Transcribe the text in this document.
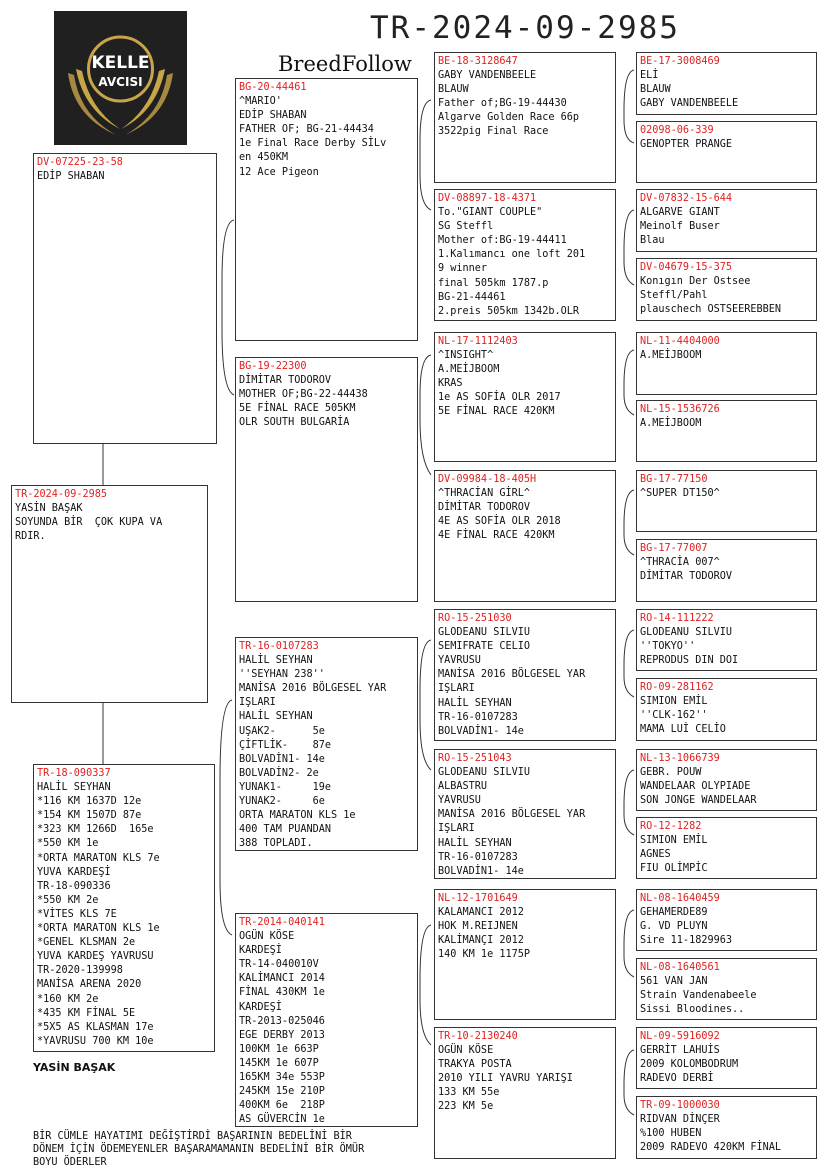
KELLE
AVCISI
TR-2024-09-2985
BreedFollow
DV-07225-23-58
EDİP SHABAN
TR-2024-09-2985
YASİN BAŞAK
SOYUNDA BİR  ÇOK KUPA VA
RDIR.
TR-18-090337
HALİL SEYHAN
*116 KM 1637D 12e
*154 KM 1507D 87e
*323 KM 1266D  165e
*550 KM 1e
*ORTA MARATON KLS 7e
YUVA KARDEŞİ
TR-18-090336
*550 KM 2e
*VİTES KLS 7E
*ORTA MARATON KLS 1e
*GENEL KLSMAN 2e
YUVA KARDEŞ YAVRUSU
TR-2020-139998
MANİSA ARENA 2020
*160 KM 2e
*435 KM FİNAL 5E
*5X5 AS KLASMAN 17e
*YAVRUSU 700 KM 10e
BG-20-44461
^MARIO'
EDİP SHABAN
FATHER OF; BG-21-44434
1e Final Race Derby SİLv
en 450KM
12 Ace Pigeon
BG-19-22300
DİMİTAR TODOROV
MOTHER OF;BG-22-44438
5E FİNAL RACE 505KM
OLR SOUTH BULGARİA
TR-16-0107283
HALİL SEYHAN
''SEYHAN 238''
MANİSA 2016 BÖLGESEL YAR
IŞLARI
HALİL SEYHAN
UŞAK2-      5e
ÇİFTLİK-    87e
BOLVADİN1- 14e
BOLVADİN2- 2e
YUNAK1-     19e
YUNAK2-     6e
ORTA MARATON KLS 1e
400 TAM PUANDAN
388 TOPLADI.
TR-2014-040141
OGÜN KÖSE
KARDEŞİ
TR-14-040010V
KALİMANCI 2014
FİNAL 430KM 1e
KARDEŞİ
TR-2013-025046
EGE DERBY 2013
100KM 1e 663P
145KM 1e 607P
165KM 34e 553P
245KM 15e 210P
400KM 6e  218P
AS GÜVERCİN 1e
BE-18-3128647
GABY VANDENBEELE
BLAUW
Father of;BG-19-44430
Algarve Golden Race 66p
3522pig Final Race
DV-08897-18-4371
To."GIANT COUPLE"
SG Steffl
Mother of:BG-19-44411
1.Kalımancı one loft 201
9 winner
final 505km 1787.p
BG-21-44461
2.preis 505km 1342b.OLR
NL-17-1112403
^INSIGHT^
A.MEİJBOOM
KRAS
1e AS SOFİA OLR 2017
5E FİNAL RACE 420KM
DV-09984-18-405H
^THRACİAN GİRL^
DİMİTAR TODOROV
4E AS SOFİA OLR 2018
4E FİNAL RACE 420KM
RO-15-251030
GLODEANU SILVIU
SEMIFRATE CELIO
YAVRUSU
MANİSA 2016 BÖLGESEL YAR
IŞLARI
HALİL SEYHAN
TR-16-0107283
BOLVADİN1- 14e
RO-15-251043
GLODEANU SILVIU
ALBASTRU
YAVRUSU
MANİSA 2016 BÖLGESEL YAR
IŞLARI
HALİL SEYHAN
TR-16-0107283
BOLVADİN1- 14e
NL-12-1701649
KALAMANCI 2012
HOK M.REIJNEN
KALİMANÇI 2012
140 KM 1e 1175P
TR-10-2130240
OGÜN KÖSE
TRAKYA POSTA
2010 YILI YAVRU YARIŞI
133 KM 55e
223 KM 5e
BE-17-3008469
ELİ
BLAUW
GABY VANDENBEELE
02098-06-339
GENOPTER PRANGE
DV-07832-15-644
ALGARVE GIANT
Meinolf Buser
Blau
DV-04679-15-375
Konıgın Der Ostsee
Steffl/Pahl
plauschech OSTSEEREBBEN
NL-11-4404000
A.MEİJBOOM
NL-15-1536726
A.MEİJBOOM
BG-17-77150
^SUPER DT150^
BG-17-77007
^THRACİA 007^
DİMİTAR TODOROV
RO-14-111222
GLODEANU SILVIU
''TOKYO''
REPRODUS DIN DOI
RO-09-281162
SIMION EMİL
''CLK-162''
MAMA LUİ CELİO
NL-13-1066739
GEBR. POUW
WANDELAAR OLYPIADE
SON JONGE WANDELAAR
RO-12-1282
SIMION EMİL
AGNES
FIU OLİMPİC
NL-08-1640459
GEHAMERDE89
G. VD PLUYN
Sire 11-1829963
NL-08-1640561
561 VAN JAN
Strain Vandenabeele
Sissi Bloodines..
NL-09-5916092
GERRİT LAHUİS
2009 KOLOMBODRUM
RADEVO DERBİ
TR-09-1000030
RIDVAN DİNÇER
%100 HUBEN
2009 RADEVO 420KM FİNAL
YASİN BAŞAK
BİR CÜMLE HAYATIMI DEĞİŞTİRDİ BAŞARININ BEDELİNİ BİR
DÖNEM İÇİN ÖDEMEYENLER BAŞARAMAMANIN BEDELİNİ BİR ÖMÜR
BOYU ÖDERLER
